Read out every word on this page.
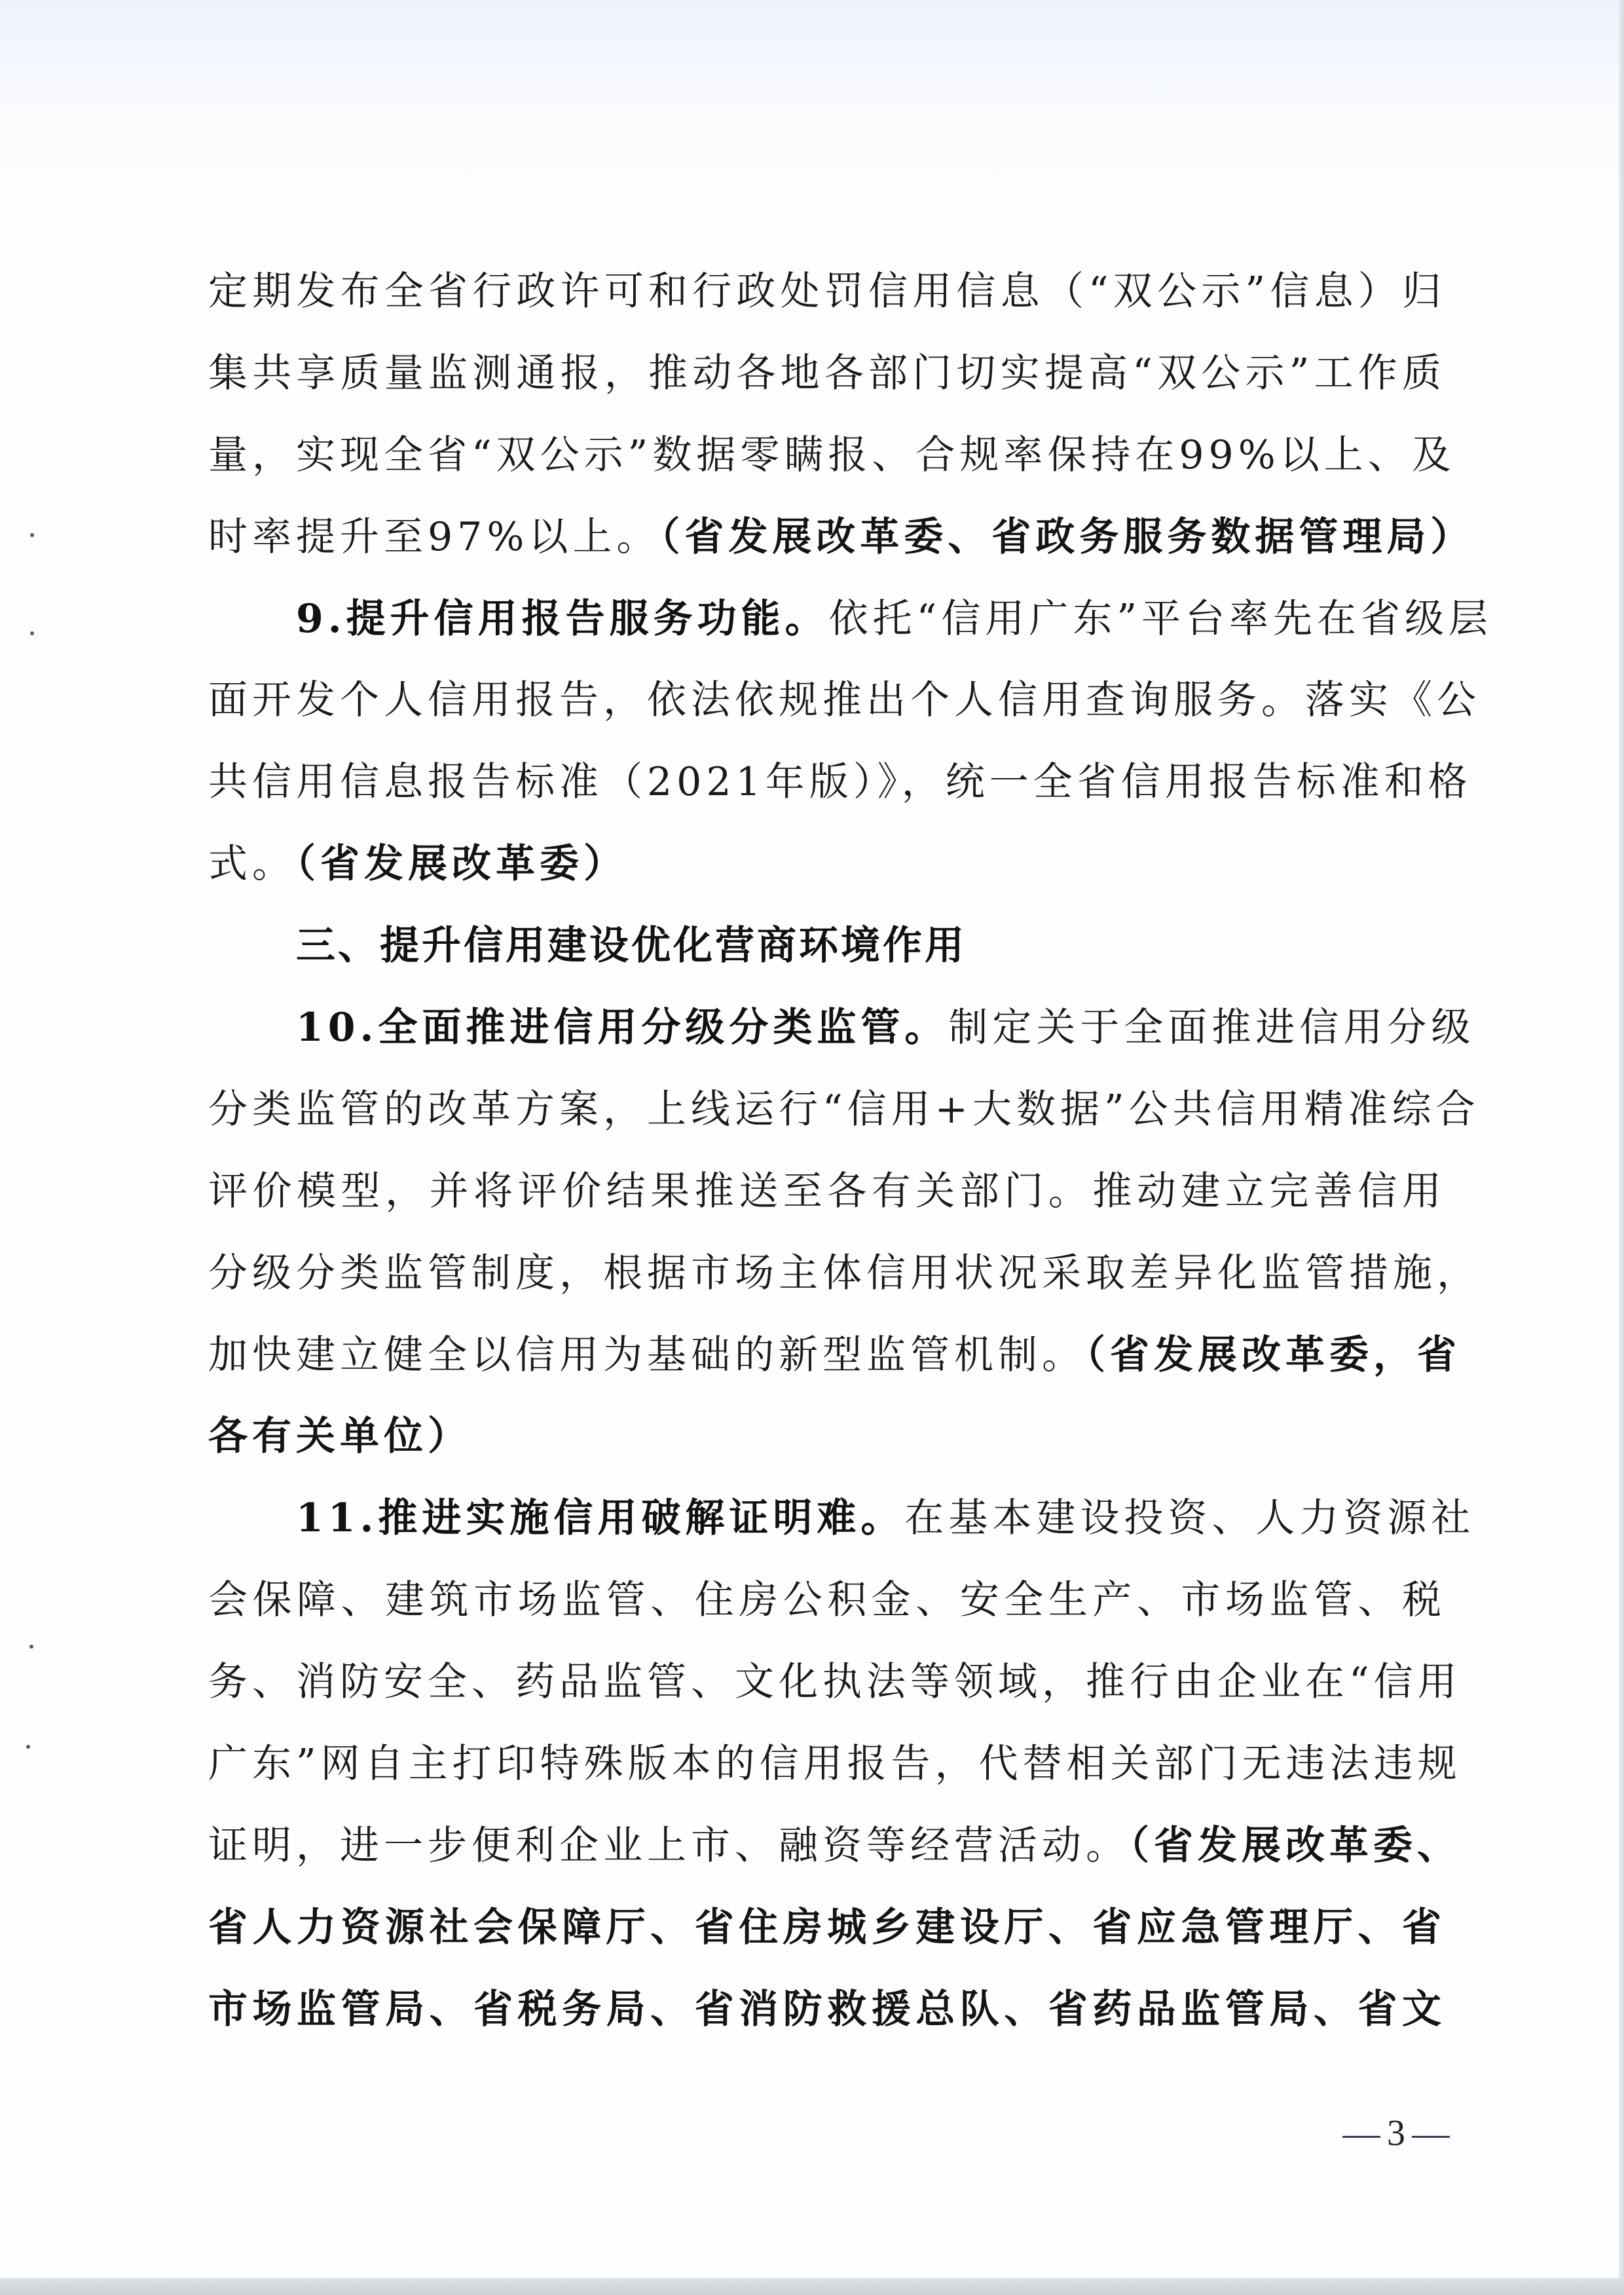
定期发布全省行政许可和行政处罚信用信息（“双公示”信息）归
集共享质量监测通报，推动各地各部门切实提高“双公示”工作质
量，实现全省“双公示”数据零瞒报、合规率保持在99%以上、及
时率提升至97%以上。（省发展改革委、省政务服务数据管理局）
9.提升信用报告服务功能。依托“信用广东”平台率先在省级层
面开发个人信用报告，依法依规推出个人信用查询服务。落实《公
共信用信息报告标准（2021年版）》，统一全省信用报告标准和格
式。（省发展改革委）
三、提升信用建设优化营商环境作用
10.全面推进信用分级分类监管。制定关于全面推进信用分级
分类监管的改革方案，上线运行“信用+大数据”公共信用精准综合
评价模型，并将评价结果推送至各有关部门。推动建立完善信用
分级分类监管制度，根据市场主体信用状况采取差异化监管措施，
加快建立健全以信用为基础的新型监管机制。（省发展改革委，省
各有关单位）
11.推进实施信用破解证明难。在基本建设投资、人力资源社
会保障、建筑市场监管、住房公积金、安全生产、市场监管、税
务、消防安全、药品监管、文化执法等领域，推行由企业在“信用
广东”网自主打印特殊版本的信用报告，代替相关部门无违法违规
证明，进一步便利企业上市、融资等经营活动。（省发展改革委、
省人力资源社会保障厅、省住房城乡建设厅、省应急管理厅、省
市场监管局、省税务局、省消防救援总队、省药品监管局、省文
3
